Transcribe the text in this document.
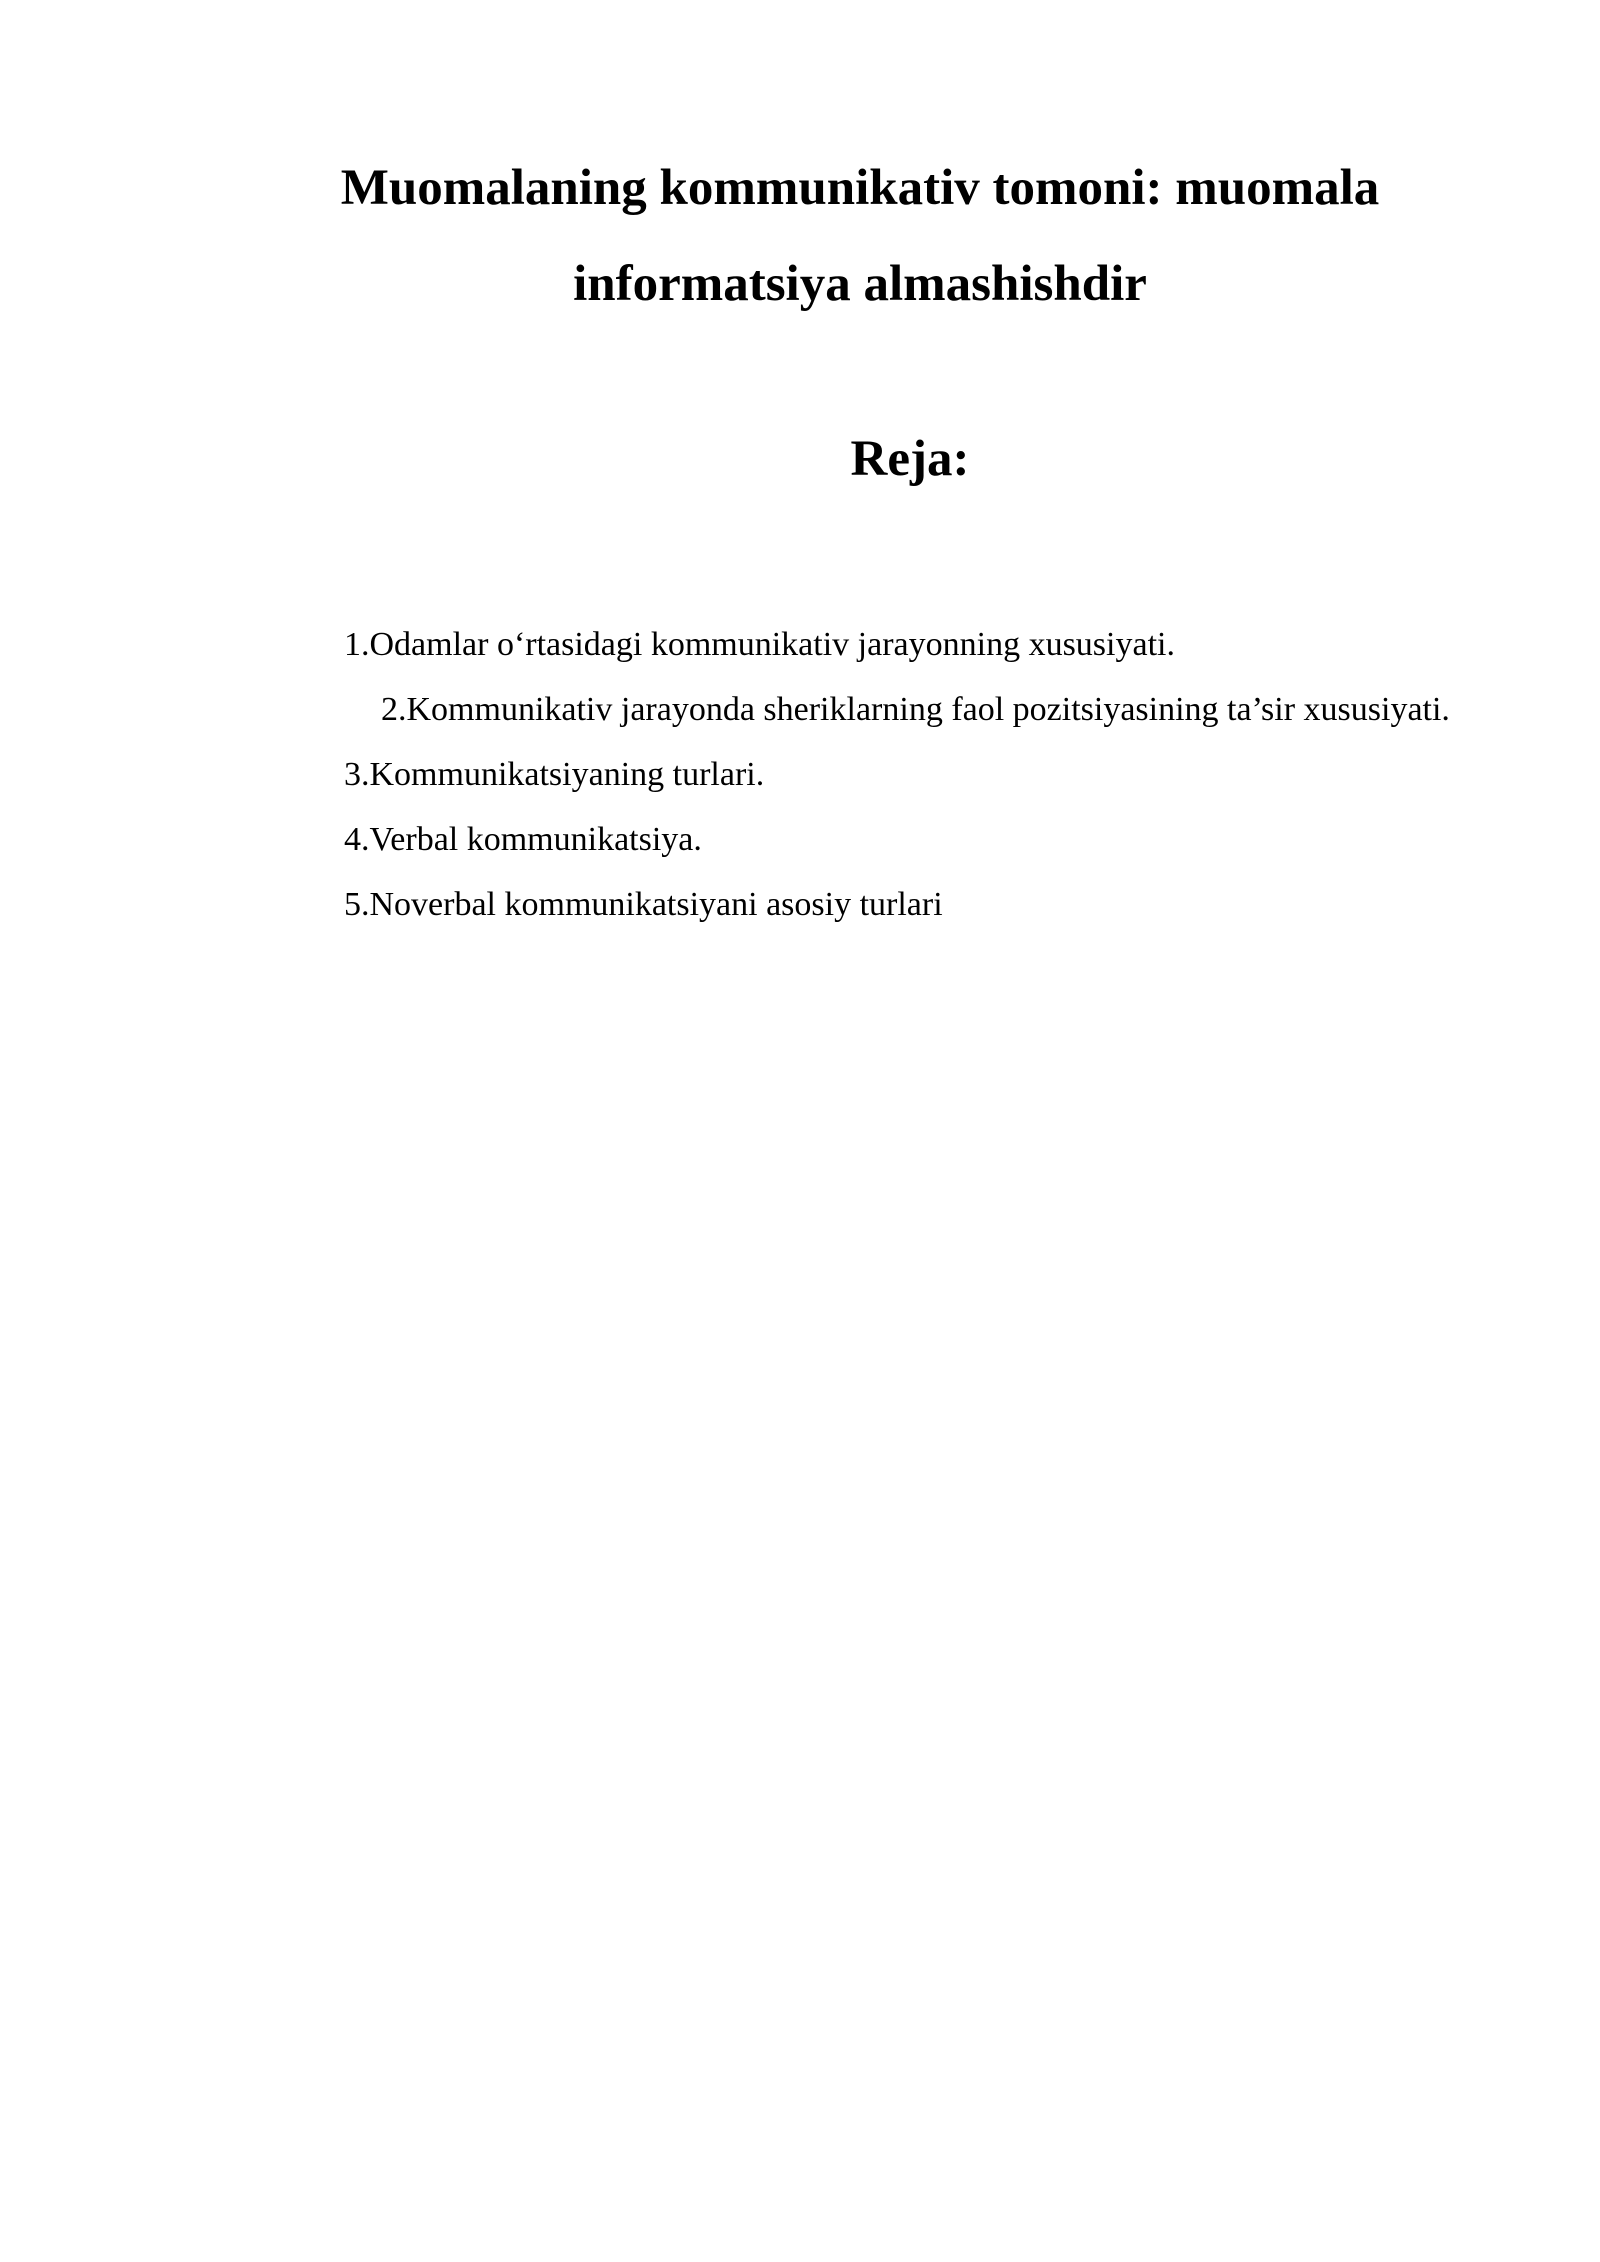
Muomalaning kommunikativ tomoni: muomala
informatsiya almashishdir
Reja:
1.Odamlar o‘rtasidagi kommunikativ jarayonning xususiyati.
2.Kommunikativ jarayonda sheriklarning faol pozitsiyasining ta’sir xususiyati.
3.Kommunikatsiyaning turlari.
4.Verbal kommunikatsiya.
5.Noverbal kommunikatsiyani asosiy turlari
